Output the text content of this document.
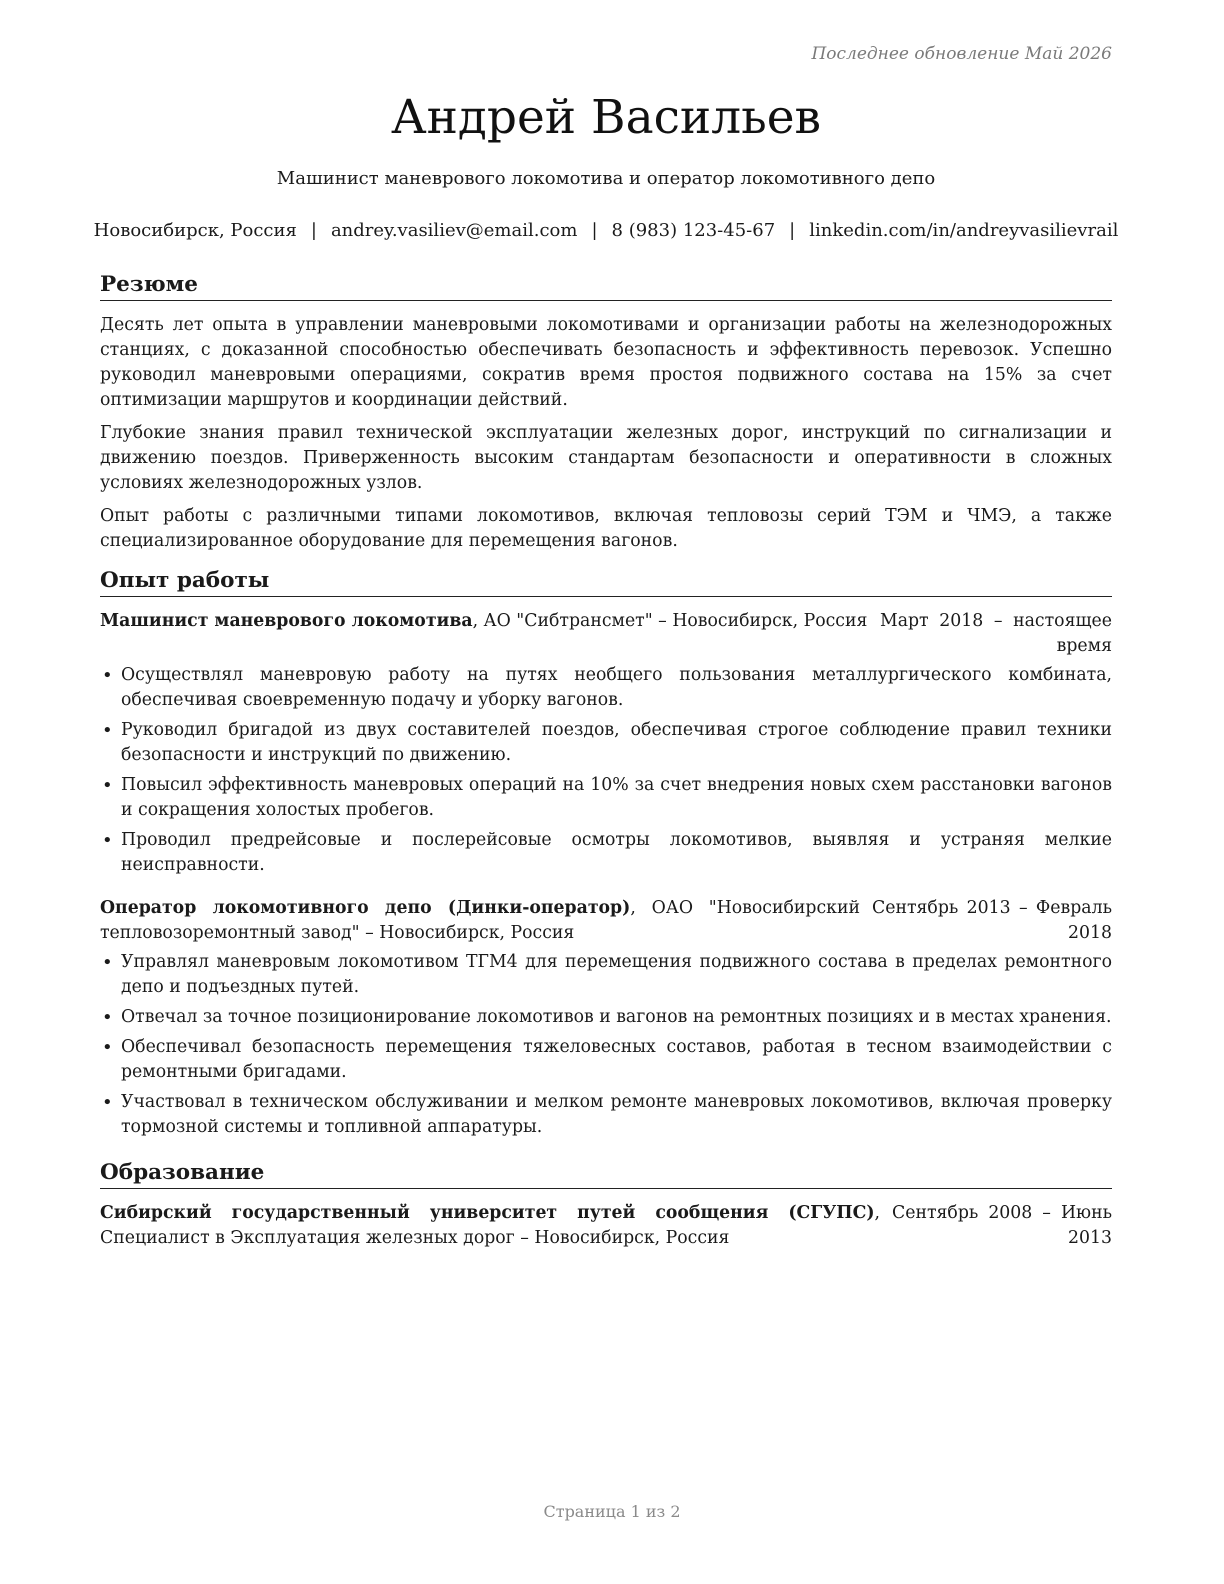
Последнее обновление Май 2026
Андрей Васильев
Машинист маневрового локомотива и оператор локомотивного депо
Новосибирск, Россия | andrey.vasiliev@email.com | 8 (983) 123-45-67 | linkedin.com/in/andreyvasilievrail
Резюме

Десять лет опыта в управлении маневровыми локомотивами и организации работы на железнодорожных станциях, с доказанной способностью обеспечивать безопасность и эффективность перевозок. Успешно руководил маневровыми операциями, сократив время простоя подвижного состава на 15% за счет оптимизации маршрутов и координации действий.

Глубокие знания правил технической эксплуатации железных дорог, инструкций по сигнализации и движению поездов. Приверженность высоким стандартам безопасности и оперативности в сложных условиях железнодорожных узлов.

Опыт работы с различными типами локомотивов, включая тепловозы серий ТЭМ и ЧМЭ, а также специализированное оборудование для перемещения вагонов.

Опыт работы
Машинист маневрового локомотива, АО "Сибтрансмет" – Новосибирск, Россия Март 2018 – настоящее время
• Осуществлял маневровую работу на путях необщего пользования металлургического комбината, обеспечивая своевременную подачу и уборку вагонов.
• Руководил бригадой из двух составителей поездов, обеспечивая строгое соблюдение правил техники безопасности и инструкций по движению.
• Повысил эффективность маневровых операций на 10% за счет внедрения новых схем расстановки вагонов и сокращения холостых пробегов.
• Проводил предрейсовые и послерейсовые осмотры локомотивов, выявляя и устраняя мелкие неисправности.
Оператор локомотивного депо (Динки-оператор), ОАО "Новосибирский тепловозоремонтный завод" – Новосибирск, Россия
Сентябрь 2013 – Февраль 2018
• Управлял маневровым локомотивом ТГМ4 для перемещения подвижного состава в пределах ремонтного депо и подъездных путей.
• Отвечал за точное позиционирование локомотивов и вагонов на ремонтных позициях и в местах хранения.
• Обеспечивал безопасность перемещения тяжеловесных составов, работая в тесном взаимодействии с ремонтными бригадами.
• Участвовал в техническом обслуживании и мелком ремонте маневровых локомотивов, включая проверку тормозной системы и топливной аппаратуры.
Образование
Сибирский государственный университет путей сообщения (СГУПС), Специалист в Эксплуатация железных дорог – Новосибирск, Россия
Сентябрь 2008 – Июнь 2013
Страница 1 из 2
